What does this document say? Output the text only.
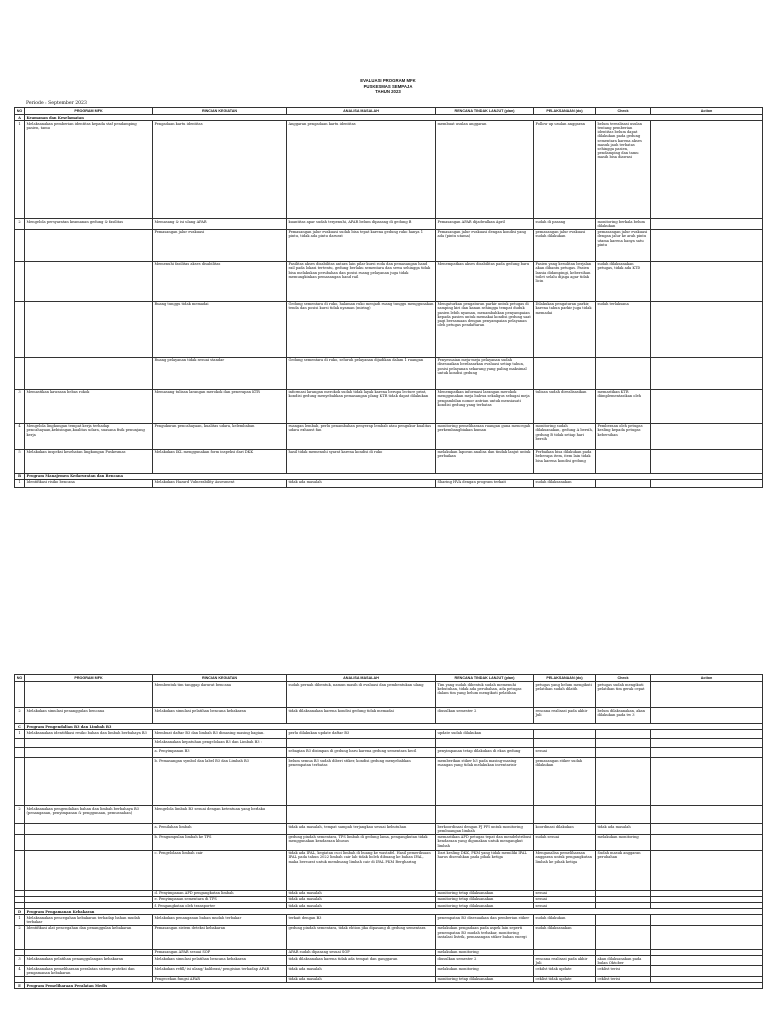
EVALUASI PROGRAM MFK
PUSKESMAS SEMPAJA
TAHUN 2023
Periode : September 2023
NO	PROGRAM MFK	RINCIAN KEGIATAN	ANALISA MASALAH	RENCANA TINDAK LANJUT (plan)	PELAKSANAAN (do)	Check	Action
A	Keamanan dan Keselamatan						
1	Melaksanakan pemberian identitas kepada staf pendamping pasien, tamu	Pengadaan kartu identitas	Anggaran pengadaan kartu identitas	membuat usulan anggaran	Follow up usulan anggaran	belum terealisasi usulan tentang pemberian identitas belum dapat dilakukan pada gedung sementara karena akses masuk jauh terbatas sehingga pasien, pendamping dan tamu masih bisa diawasi	
2	Mengelola persyaratan keamanan gedung & fasilitas	Memasang & isi ulang APAR	kuantitas apar sudah terpenuhi, APAR belum dipasang di gedung B	Pemasangan APAR dijadwalkan April	sudah di pasang	monitoring berkala belum dilakukan	
		Pemasangan jalur evakuasi	Pemasangan jalur evakuasi sudah bisa tepat karena gedung ruko hanya 1 pintu, tidak ada pintu darurat	Pemasangan jalur evakuasi dengan kondisi yang ada (pintu utama)	pemasangan jalur evakuasi sudah dilakukan	pemasangan jalur evakuasi dengan jalur ke arah pintu utama karena hanya satu pintu	
		Memenuhi fasilitas akses disabilitas	Fasilitas akses disabilitas antara lain pilar kursi roda dan pemasangan hand rail pada lokasi tertentu, gedung berlaku sementara dan sewa sehingga tidak bisa melakukan perubahan dan posisi ruang pelayanan juga tidak memungkinkan pemasangan hand rail	Menempatkan akses disabilitas pada gedung baru	Pasien yang kesulitan berjalan akan dibantu petugas. Pasien lansia didampingi, kebersihan toilet selalu dijaga agar tidak licin	sudah dilaksanakan petugas, tidak ada KTD	
		Ruang tunggu tidak memadai	Gedung sementara di ruko, halaman ruko menjadi ruang tunggu menggunakan tenda dan posisi kursi tidak nyaman (miring)	Mengaturkan pengaturan parkir untuk petugas di samping kiri dan kanan sehingga tempat duduk pasien lebih nyaman, menambahkan penyampaian kepada pasien untuk memakai kondisi gedung saat pagi bersamaan dengan penyampaian pelayanan oleh petugas pendaftaran	Dilakukan pengaturan parkir, karena tahun parkir juga tidak memadai	sudah terlaksana	
		Ruang pelayanan tidak sesuai standar	Gedung sementara di ruko, seluruh pelayanan dijadikan dalam 1 ruangan	Penyesuaian meja-meja pelayanan sudah disesuaikan berdasarkan evaluasi setiap tahun, posisi pelayanan sekarang yang paling maksimal untuk kondisi gedung			
3	Memastikan kawasan bebas rokok	Memasang tulisan larangan merokok dan penerapan KTR	informasi larangan merokok sudah tidak layak karena berupa lecture print, kondisi gedung menyebabkan pemasangan plang KTR tidak dapat dilakukan	Menempatkan informasi larangan merokok menggunakan meja bahwa sekaligus sebagai meja pengambilan nomor antrian untuk mensiasati kondisi gedung yang terbatas	tulisan sudah direalisasikan	memastikan KTR diimplementasikan oleh	
4	Mengelola lingkungan tempat kerja terhadap pencahayaan,kebisingan,kualitas udara, suasana fisik penunjang kerja	Pengukuran pencahayaan, kualitas udara, kelembaban	ruangan lembab, perlu penambahan penyerap lembab atau pengukur kualitas udara exhaust fan	monitoring pemeliharaan ruangan guna mencegah perkembangbiakan kuman	monitoring sudah dilaksanakan, gedung A bersih, gedung B tidak setiap hari bersih	Pemberaan oleh petugas kesling kepada petugas kebersihan	
5	Melakukan inspeksi kesehatan lingkungan Puskesmas	Melakukan IKL menggunakan form inspeksi dari DKK	hasil tidak memenuhi syarat karena kondisi di ruko	melakukan laporan analisa dan tindak lanjut untuk perbaikan	Perbaikan bisa dilakukan pada beberapa item, item lain tidak bisa karena kondisi gedung		
B	Program Manajemen Kedaruratan dan Bencana						
1	Identifikasi risiko bencana	Melakukan Hazard Vulnerability Assesment	tidak ada masalah	Sharing HVA dengan program terkait	sudah dilaksanakan		
NO	PROGRAM MFK	RINCIAN KEGIATAN	ANALISA MASALAH	RENCANA TINDAK LANJUT (plan)	PELAKSANAAN (do)	Check	Action
		Membentuk tim tanggap darurat bencana	sudah pernah dibentuk, namun masih di evaluasi dan pembentukan ulang	Tim yang sudah dibentuk sudah memenuhi kebutuhan, tidak ada perubahan, ada petugas dalam tim yang belum mengikuti pelatihan	petugas yang belum mengikuti pelatihan sudah dilatih	petugas sudah mengikuti pelatihan tim gerak cepat	
2	Melakukan simulasi penanggulan bencana	Melakukan simulasi pelatihan bencana kebakaran	tidak dilaksanakan karena kondisi gedung tidak memadai	diusulkan semester 2	rencana realisasi pada akhir Juli	belum dilaksanakan, akan dilakukan pada tw 3	
C	Program Pengendalian B3 dan Limbah B3						
1	Melaksanakan identifikasi resiko bahan dan limbah berbahaya B3	Membuat daftar B3 dan limbah B3 dimasing masing bagian.	perlu dilakukan update daftar B3	update sudah dilakukan			
		Melaksanakan kepatuhan pengelolaan B3 dan Limbah B3 :					
		a. Penyimpanan B3	sebagian B3 disimpan di gedung baru karena gedung sementara kecil	penyimpanan tetap dilakukan di ekas gedung	sesuai		
		b. Pemasangan symbol dan label B3 dan Limbah B3	belum semua B3 sudah diberi stiker, kondisi gedung menyebabkan penempatan terbatas	memberikan stiker b3 pada masing-masing ruangan yang tidak melakukan inventarisir	pemasangan stiker sudah dilakukan		
2	Melaksanakan pengendalian bahan dan limbah berbahaya B3 (penanganan, penyimpanan & penggunaan, pemusnahan)	Mengelola limbah B3 sesuai dengan ketentuan yang berlaku					
		a. Pemilahan limbah	tidak ada masalah, tempat sampah terjangkau sesuai kebutuhan	berkoordinasi dengan PJ PPI untuk monitoring pembuangan limbah	koordinasi dilakukan	tidak ada masalah	
		b. Pengumpulan limbah ke TPS	gedung pindah sementara, TPS limbah di gedung lama, pengangkutan tidak menggunakan kendaraan khusus	memastikan APD petugas tepat dan mendelstribusi kendaraan yang digunakan untuk mengangkut limbah	sudah sesuai	melakukan monitoring	
		c. Pengelolaan limbah cair	tidak ada IPAL, kegiatan cuci limbah di buang ke wastafel. Hasil pemeriksaan IPAL pada tahun 2022 limbah cair lab tidak boleh dibuang ke bahan IPAL, maka bersurat untuk membuang limbah cair di IPAL PKM Bergharing	Dari kesling DKK, PKM yang tidak memiliki IPAL harus diserahkan pada pihak ketiga	Menganalisa pemeliharaan anggaran untuk pengangkutan limbah ke pihak ketiga	Sudah masuk anggaran perubahan	
		d. Penyimpanan APD pengangkutan limbah	tidak ada masalah	monitoring tetap dilaksanakan	sesuai		
		e. Penyimpanan sementara di TPS	tidak ada masalah	monitoring tetap dilaksanakan	sesuai		
		f. Pengangkutan oleh transporter	tidak ada masalah	monitoring tetap dilaksanakan	sesuai		
D	Program Pengamanan Kebakaran						
1	Melaksanakan pencegahan kebakaran terhadap bahan mudah terbakar	Melakukan penanganan bahan mudah terbakar	terkait dengan B3	penempatan B3 disesuaikan dan pemberian stiker	sudah dilakukan		
2	Identifikasi alat pencegahan dan penanggulan kebakaran	Pemasangan sistem deteksi kebakaran	gedung pindah sementara, tidak ehtion jika dipasang di gedung sementara	melakukan pengadaan pada aspek lain seperti penempatan B3 mudah terbakar, monitoring instalasi listrik, pemasangan stiker bahan energi	sudah dilaksanakan		
		Pemasangan APAR sesuai SOP	APAR sudah dipasang sesuai SOP	melakukan monitoring			
3	Melaksanakan pelatihan penanggulangan kebakaran	Melakukan simulasi pelatihan bencana kebakaran	tidak dilaksanakan karena tidak ada tempat dan ganggaran	diusulkan semester 2	rencana realisasi pada akhir Juli	akan dilaksanakan pada bulan Oktober	
4	Melaksanakan pemeliharaan peralatan sistem proteksi dan pengamanan kebakaran	Melakukan refill/ isi ulang/ kalibrasi/ pengisian terhadap APAR	tidak ada masalah	melakukan monitoring	cekilst tidak update	ceklist terisi	
		Pengecekan fungsi APAR	tidak ada masalah	monitoring tetap dilaksanakan	ceklist tidak update	ceklist terisi	
E	Program Pemeliharaan Peralatan Medis						
